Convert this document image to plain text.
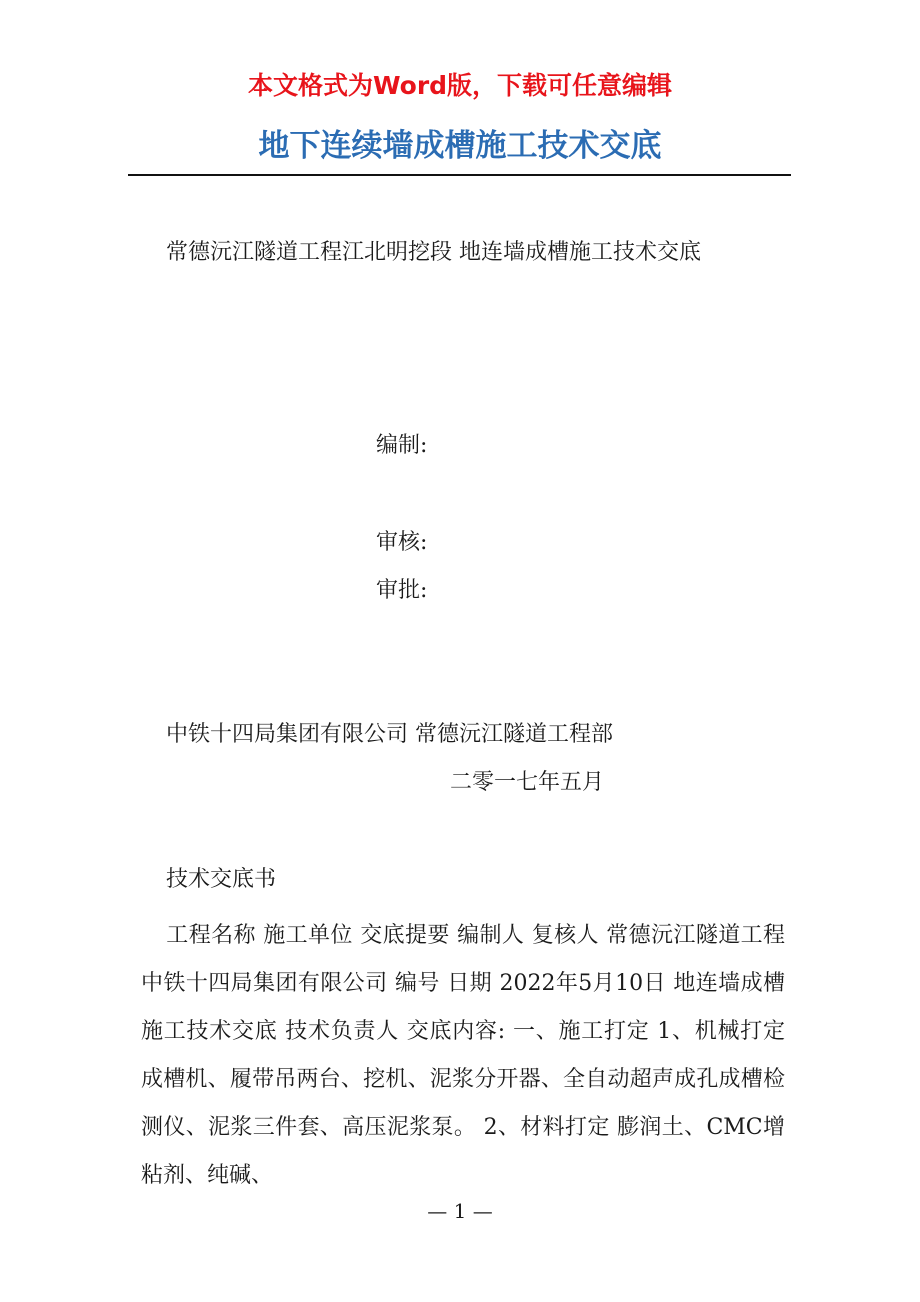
本文格式为Word版，下载可任意编辑
地下连续墙成槽施工技术交底
常德沅江隧道工程江北明挖段 地连墙成槽施工技术交底
编制:
审核:
审批:
中铁十四局集团有限公司 常德沅江隧道工程部
二零一七年五月
技术交底书
工程名称 施工单位 交底提要 编制人 复核人 常德沅江隧道工程 中铁十四局集团有限公司 编号 日期 2022年5月10日 地连墙成槽施工技术交底 技术负责人 交底内容: 一、施工打定 1、机械打定 成槽机、履带吊两台、挖机、泥浆分开器、全自动超声成孔成槽检测仪、泥浆三件套、高压泥浆泵。 2、材料打定 膨润土、CMC增粘剂、纯碱、
— 1 —
